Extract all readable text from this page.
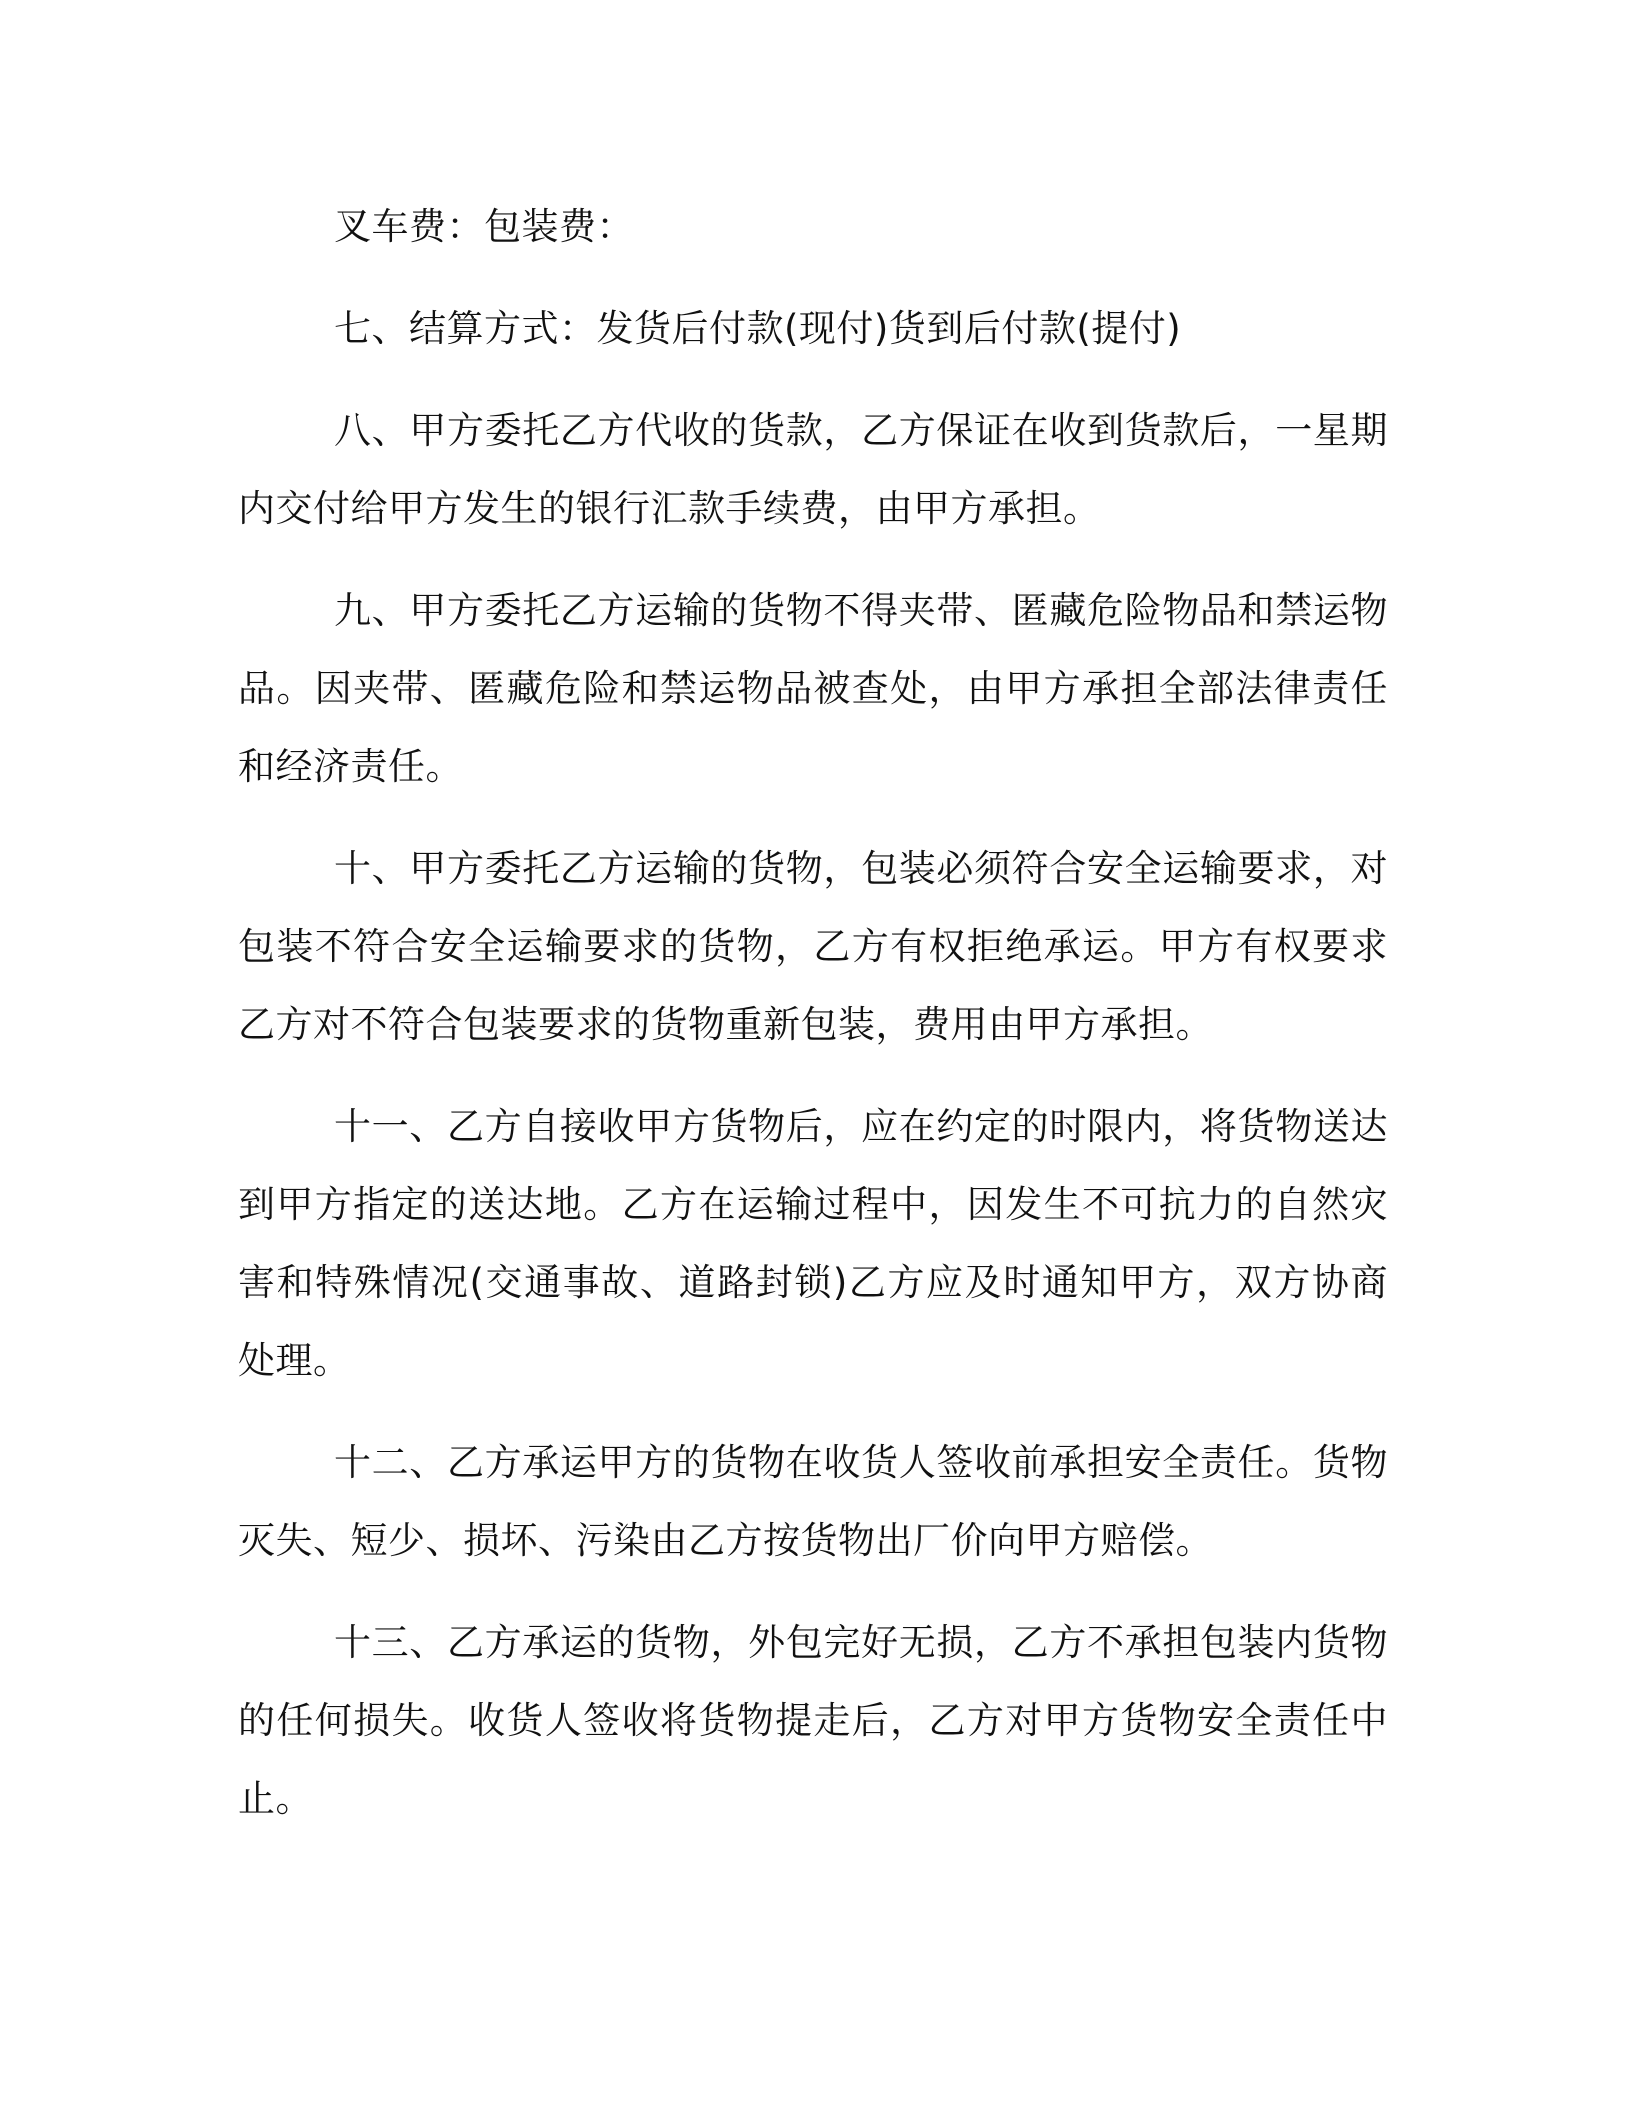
叉车费：包装费：

七、结算方式：发货后付款(现付)货到后付款(提付)

八、甲方委托乙方代收的货款，乙方保证在收到货款后，一星期内交付给甲方发生的银行汇款手续费，由甲方承担。

九、甲方委托乙方运输的货物不得夹带、匿藏危险物品和禁运物品。因夹带、匿藏危险和禁运物品被查处，由甲方承担全部法律责任和经济责任。

十、甲方委托乙方运输的货物，包装必须符合安全运输要求，对包装不符合安全运输要求的货物，乙方有权拒绝承运。甲方有权要求乙方对不符合包装要求的货物重新包装，费用由甲方承担。

十一、乙方自接收甲方货物后，应在约定的时限内，将货物送达到甲方指定的送达地。乙方在运输过程中，因发生不可抗力的自然灾害和特殊情况(交通事故、道路封锁)乙方应及时通知甲方，双方协商处理。

十二、乙方承运甲方的货物在收货人签收前承担安全责任。货物灭失、短少、损坏、污染由乙方按货物出厂价向甲方赔偿。

十三、乙方承运的货物，外包完好无损，乙方不承担包装内货物的任何损失。收货人签收将货物提走后，乙方对甲方货物安全责任中止。
